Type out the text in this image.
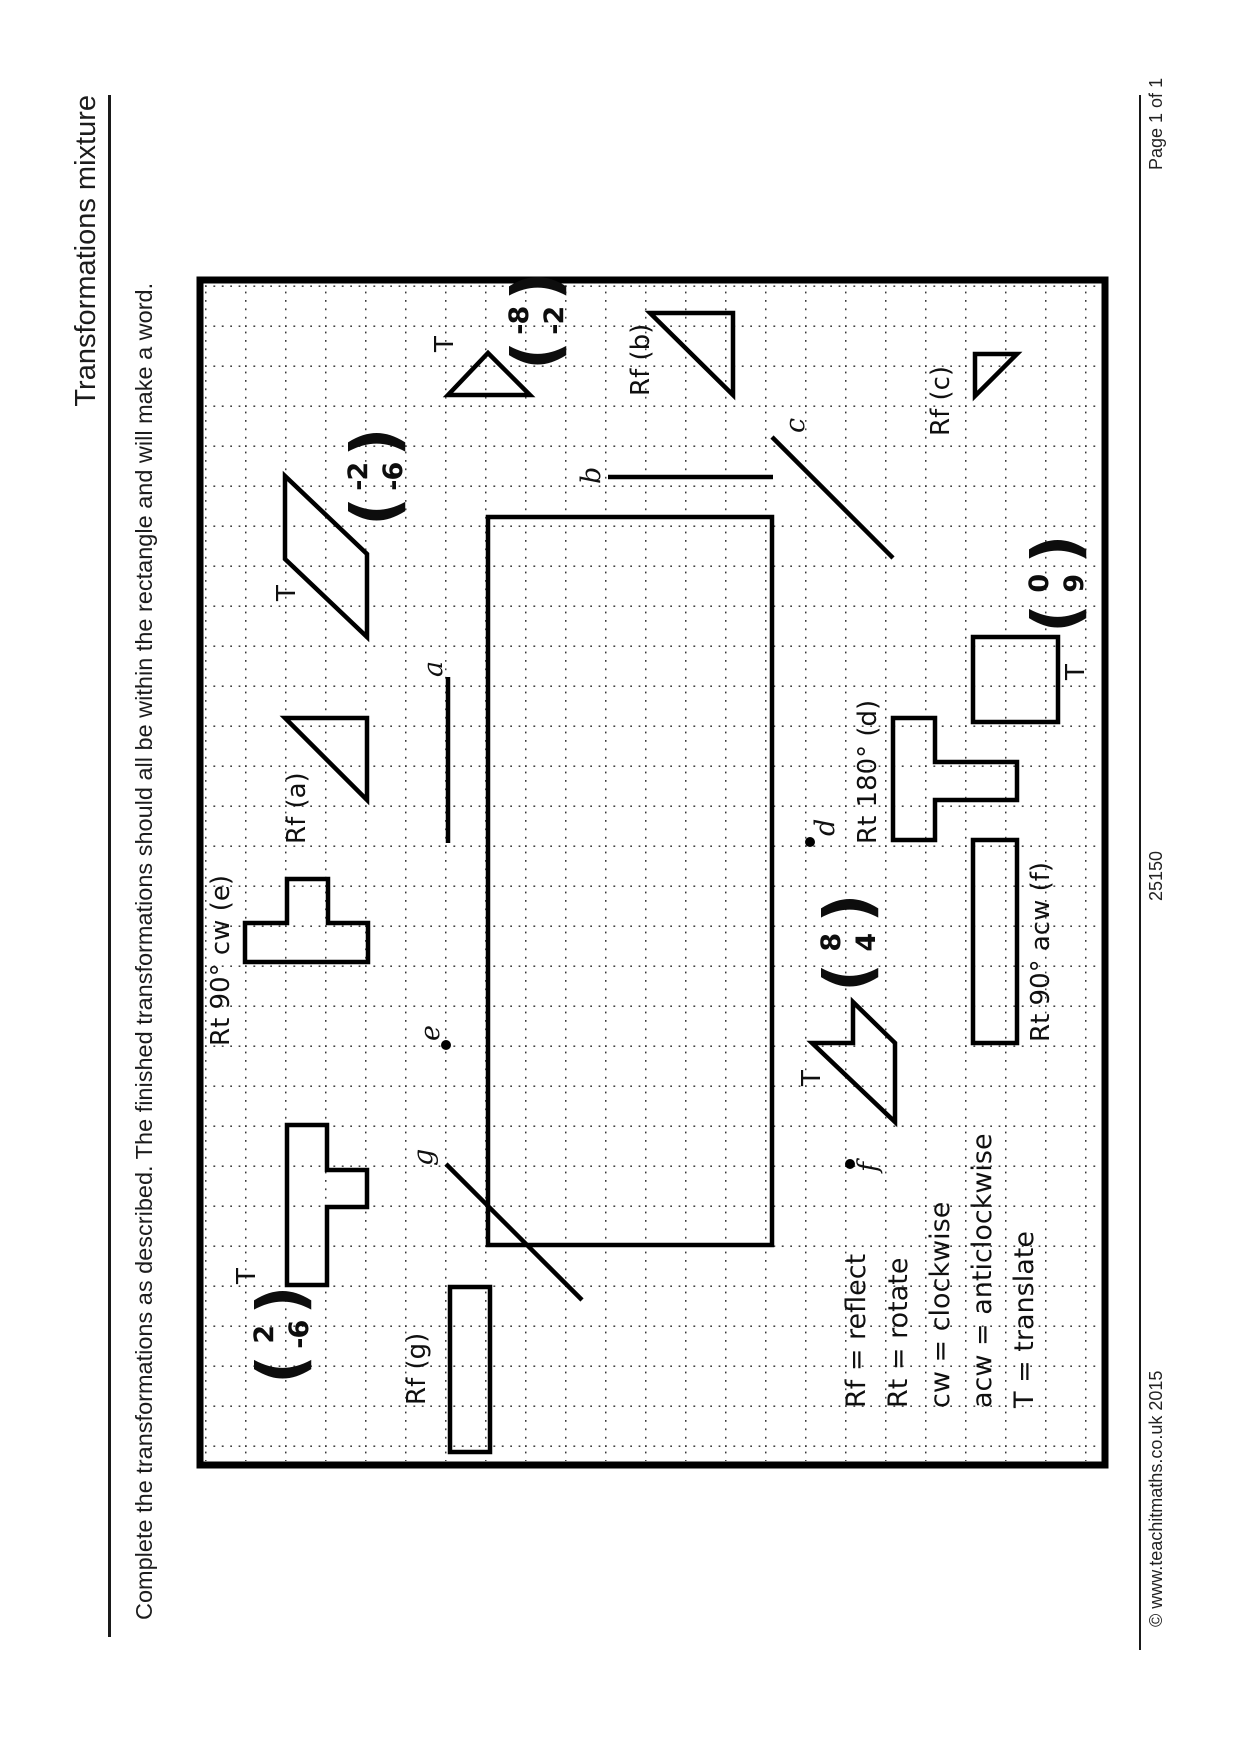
Transformations mixture
Complete the transformations as described. The finished transformations should all be within the rectangle and will make a word.	T (
-8 -2
)
T
(
-2 -6
)
T
(
2 -6
)
T
(
8 4
)
T
(
0 9
)
Rf (a)
Rf (b)
Rf (c)
Rf (g)
Rt 180° (d)
Rt 90° cw (e)	Rt 90° acw (f)
a
b
c
g
d
e
f
Rf = reflect Rt = rotate cw = clockwise acw = anticlockwise T = translate
© www.teachitmaths.co.uk 2015
25150
Page 1 of 1
